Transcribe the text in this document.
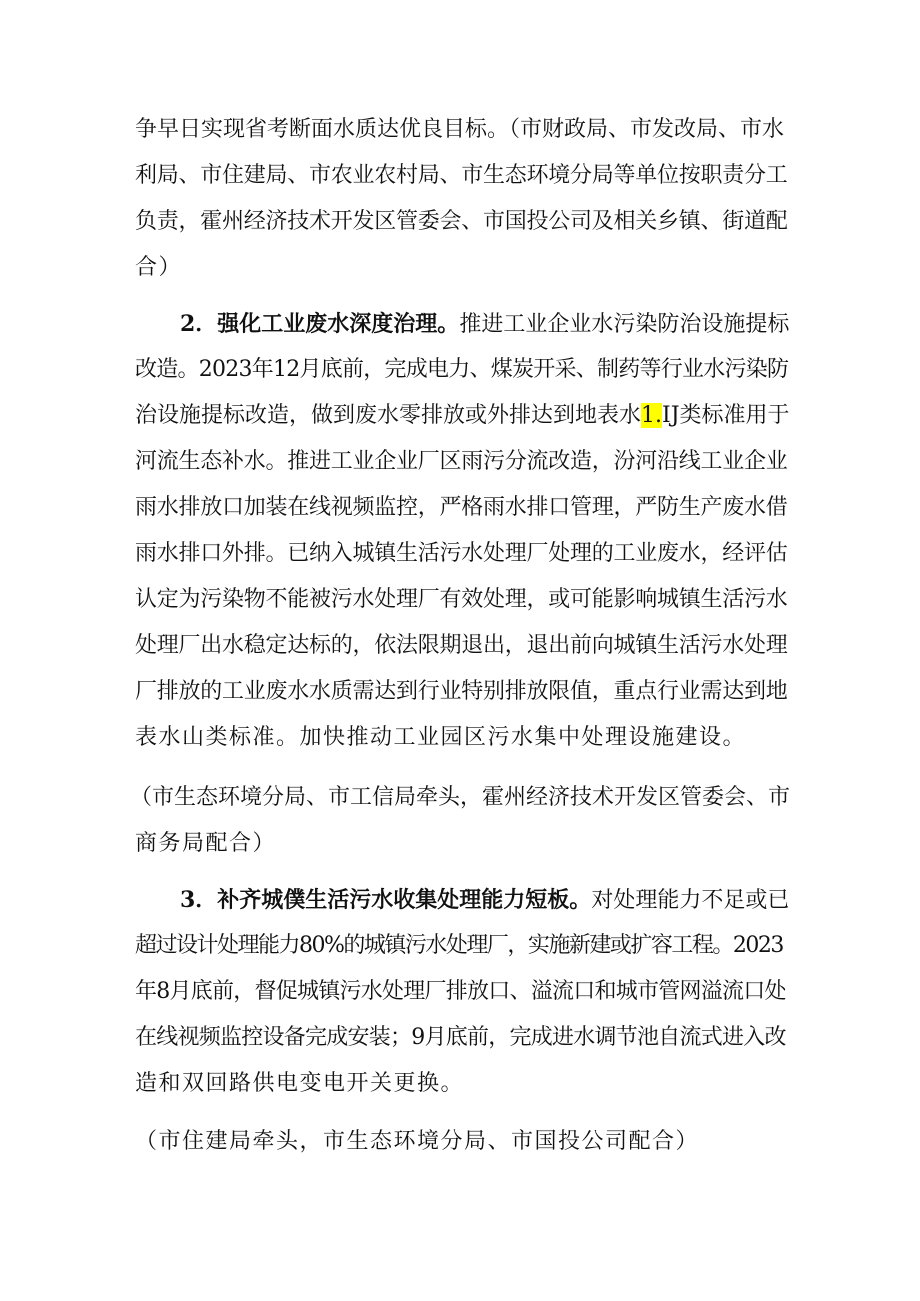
争早日实现省考断面水质达优良目标。（市财政局、市发改局、市水
利局、市住建局、市农业农村局、市生态环境分局等单位按职责分工
负责，霍州经济技术开发区管委会、市国投公司及相关乡镇、街道配
合）
2．强化工业废水深度治理。推进工业企业水污染防治设施提标
改造。2023年12月底前，完成电力、煤炭开采、制药等行业水污染防
治设施提标改造，做到废水零排放或外排达到地表水1.IJ类标准用于
河流生态补水。推进工业企业厂区雨污分流改造，汾河沿线工业企业
雨水排放口加装在线视频监控，严格雨水排口管理，严防生产废水借
雨水排口外排。已纳入城镇生活污水处理厂处理的工业废水，经评估
认定为污染物不能被污水处理厂有效处理，或可能影响城镇生活污水
处理厂出水稳定达标的，依法限期退出，退出前向城镇生活污水处理
厂排放的工业废水水质需达到行业特别排放限值，重点行业需达到地
表水山类标准。加快推动工业园区污水集中处理设施建设。
（市生态环境分局、市工信局牵头，霍州经济技术开发区管委会、市
商务局配合）
3．补齐城僕生活污水收集处理能力短板。对处理能力不足或已
超过设计处理能力80%的城镇污水处理厂，实施新建或扩容工程。2023
年8月底前，督促城镇污水处理厂排放口、溢流口和城市管网溢流口处
在线视频监控设备完成安装；9月底前，完成进水调节池自流式进入改
造和双回路供电变电开关更换。
（市住建局牵头，市生态环境分局、市国投公司配合）
